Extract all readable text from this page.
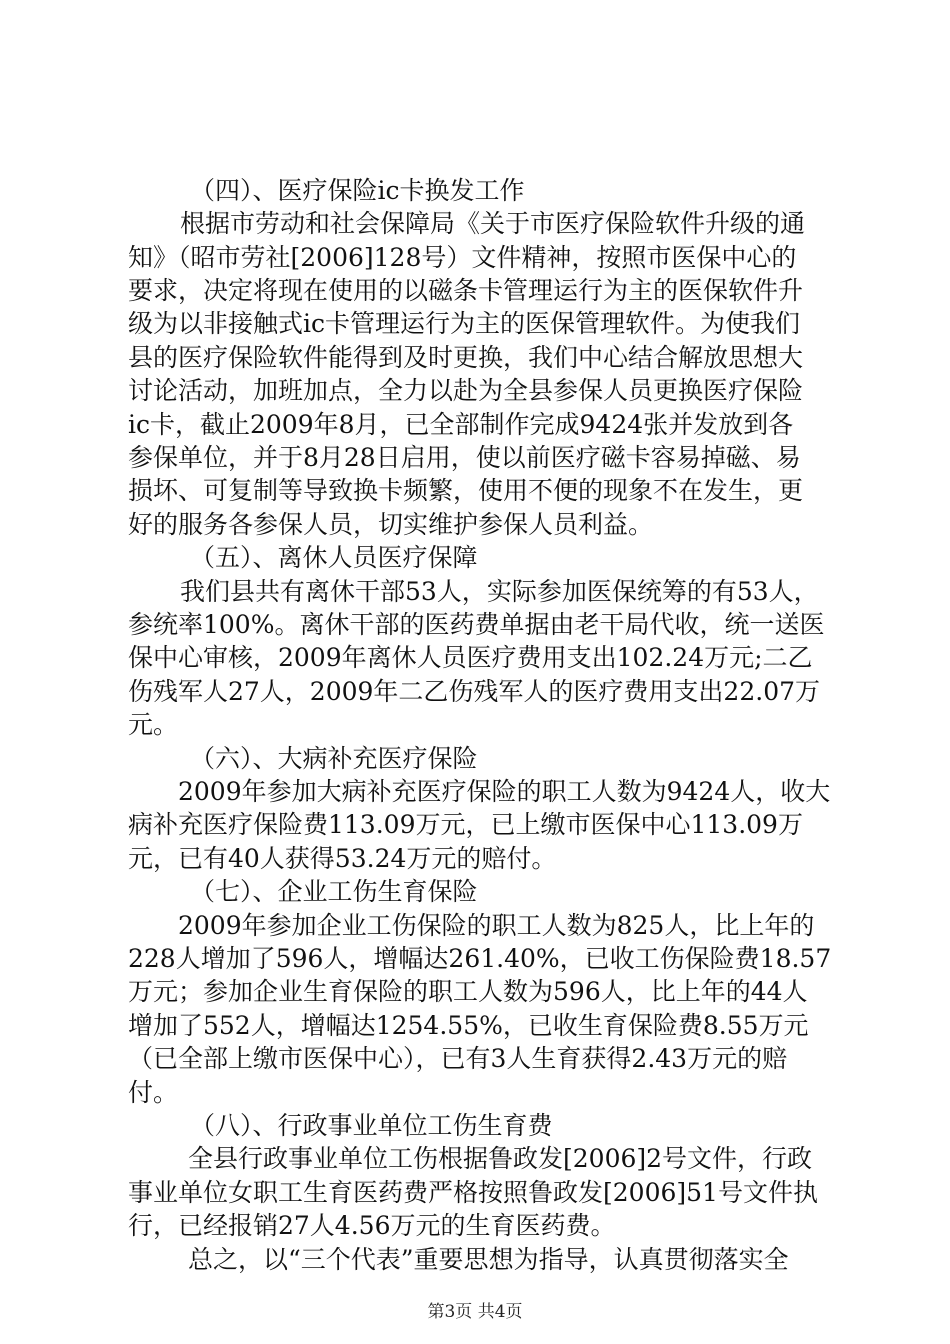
（四）、医疗保险ic卡换发工作
根据市劳动和社会保障局《关于市医疗保险软件升级的通
知》（昭市劳社[2006]128号）文件精神，按照市医保中心的
要求，决定将现在使用的以磁条卡管理运行为主的医保软件升
级为以非接触式ic卡管理运行为主的医保管理软件。为使我们
县的医疗保险软件能得到及时更换，我们中心结合解放思想大
讨论活动，加班加点，全力以赴为全县参保人员更换医疗保险
ic卡，截止2009年8月，已全部制作完成9424张并发放到各
参保单位，并于8月28日启用，使以前医疗磁卡容易掉磁、易
损坏、可复制等导致换卡频繁，使用不便的现象不在发生，更
好的服务各参保人员，切实维护参保人员利益。
（五）、离休人员医疗保障
我们县共有离休干部53人，实际参加医保统筹的有53人，
参统率100%。离休干部的医药费单据由老干局代收，统一送医
保中心审核，2009年离休人员医疗费用支出102.24万元;二乙
伤残军人27人，2009年二乙伤残军人的医疗费用支出22.07万
元。
（六）、大病补充医疗保险
2009年参加大病补充医疗保险的职工人数为9424人，收大
病补充医疗保险费113.09万元，已上缴市医保中心113.09万
元，已有40人获得53.24万元的赔付。
（七）、企业工伤生育保险
2009年参加企业工伤保险的职工人数为825人，比上年的
228人增加了596人，增幅达261.40%，已收工伤保险费18.57
万元；参加企业生育保险的职工人数为596人，比上年的44人
增加了552人，增幅达1254.55%，已收生育保险费8.55万元
（已全部上缴市医保中心），已有3人生育获得2.43万元的赔
付。
（八）、行政事业单位工伤生育费
全县行政事业单位工伤根据鲁政发[2006]2号文件，行政
事业单位女职工生育医药费严格按照鲁政发[2006]51号文件执
行，已经报销27人4.56万元的生育医药费。
总之，以“三个代表”重要思想为指导，认真贯彻落实全
第3页 共4页
